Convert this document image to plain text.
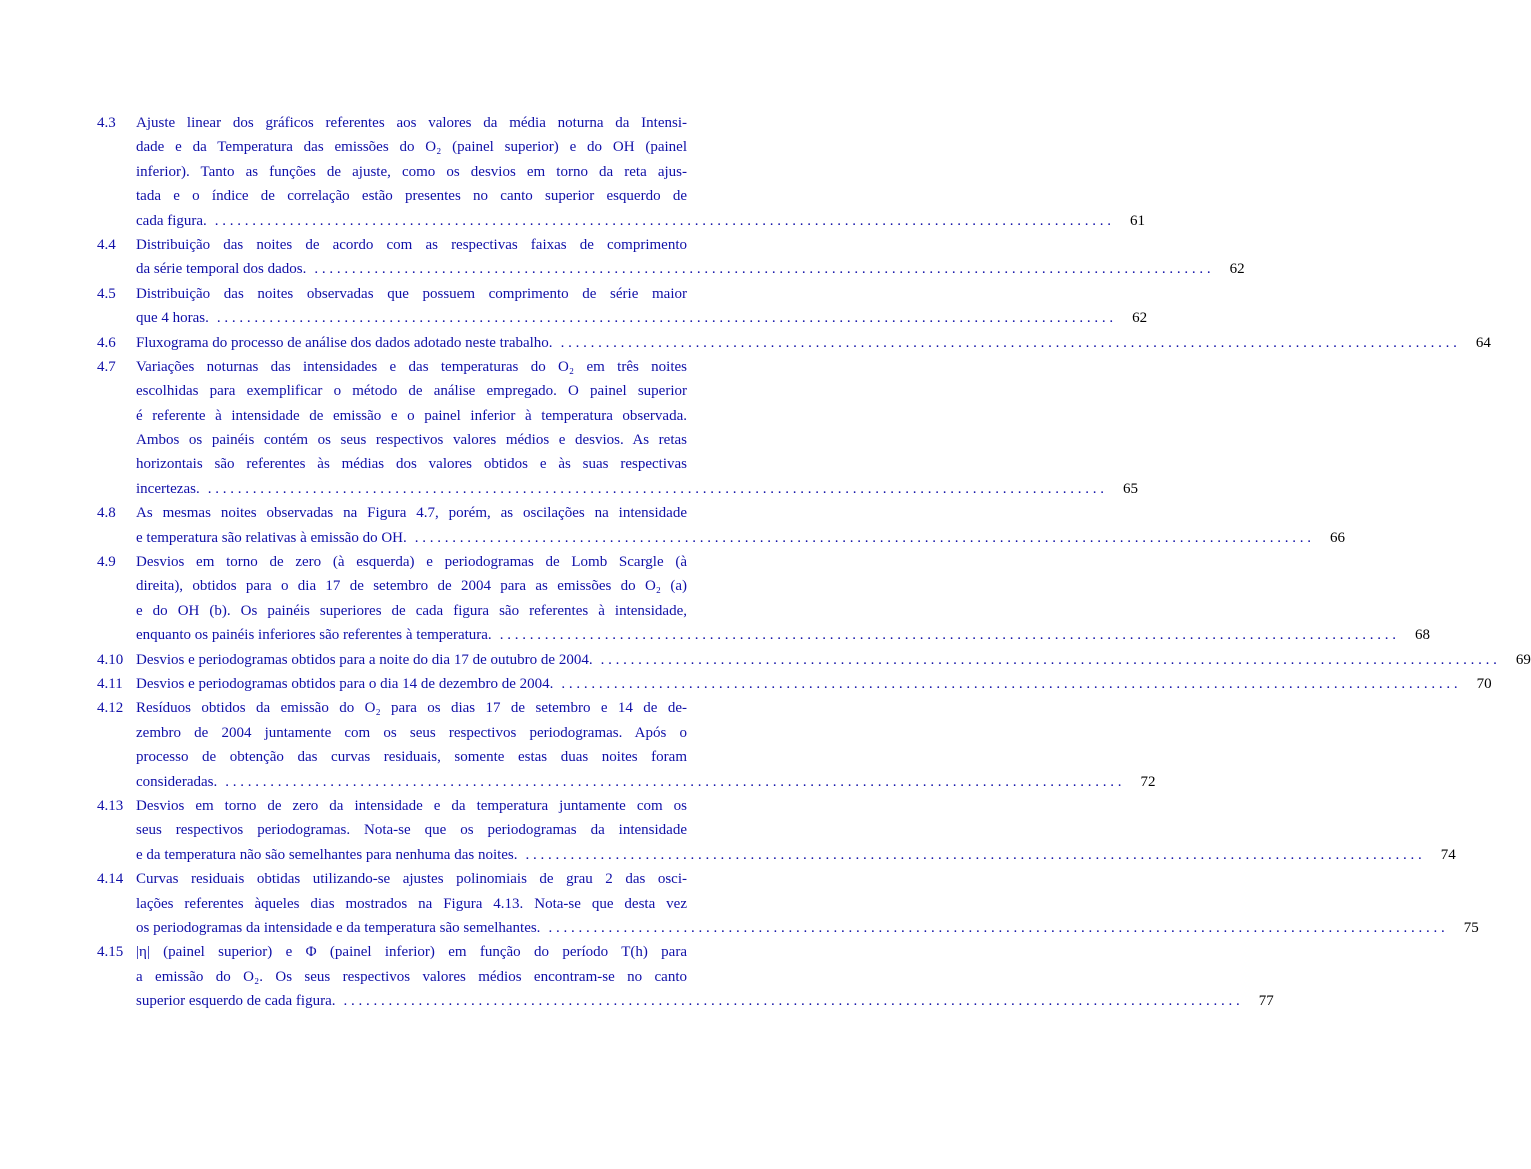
4.3 Ajuste linear dos gráficos referentes aos valores da média noturna da Intensi-
dade e da Temperatura das emissões do O₂ (painel superior) e do OH (painel
inferior). Tanto as funções de ajuste, como os desvios em torno da reta ajus-
tada e o índice de correlação estão presentes no canto superior esquerdo de
cada figura. . . . . . . . . . . . . . . . . . . . . . . . . . . . . . . . . . . . . . . . . . . . . . . . . . . . . . . . . . . . . . . . . . . . . . . . . . . . . . . . . . . . . . . . . . . . . . . . . . . . . . . . . . . . . . . . . . . . . . . . .	61
4.4 Distribuição das noites de acordo com as respectivas faixas de comprimento
da série temporal dos dados. . . . . . . . . . . . . . . . . . . . . . . . . . . . . . . . . . . . . . . . . . . . . . . . . . . . . . . . . . . . . . . . . . . . . . . . . . . . . . . . . . . . . . . . . . . . . . . . . . . . . . . . . . . . . . . . . . . . . . . . .	62
4.5 Distribuição das noites observadas que possuem comprimento de série maior
que 4 horas. . . . . . . . . . . . . . . . . . . . . . . . . . . . . . . . . . . . . . . . . . . . . . . . . . . . . . . . . . . . . . . . . . . . . . . . . . . . . . . . . . . . . . . . . . . . . . . . . . . . . . . . . . . . . . . . . . . . . . . . .	62
4.6 Fluxograma do processo de análise dos dados adotado neste trabalho. . . . . . . . . . . . . . . . . . . . . . . . . . . . . . . . . . . . . . . . . . . . . . . . . . . . . . . . . . . . . . . . . . . . . . . . . . . . . . . . . . . . . . . . . . . . . . . . . . . . . . . . . . . . . . . . . . . . . . . . .	64
4.7 Variações noturnas das intensidades e das temperaturas do O₂ em três noites
escolhidas para exemplificar o método de análise empregado. O painel superior
é referente à intensidade de emissão e o painel inferior à temperatura observada.
Ambos os painéis contém os seus respectivos valores médios e desvios. As retas
horizontais são referentes às médias dos valores obtidos e às suas respectivas
incertezas. . . . . . . . . . . . . . . . . . . . . . . . . . . . . . . . . . . . . . . . . . . . . . . . . . . . . . . . . . . . . . . . . . . . . . . . . . . . . . . . . . . . . . . . . . . . . . . . . . . . . . . . . . . . . . . . . . . . . . . . .	65
4.8 As mesmas noites observadas na Figura 4.7, porém, as oscilações na intensidade
e temperatura são relativas à emissão do OH. . . . . . . . . . . . . . . . . . . . . . . . . . . . . . . . . . . . . . . . . . . . . . . . . . . . . . . . . . . . . . . . . . . . . . . . . . . . . . . . . . . . . . . . . . . . . . . . . . . . . . . . . . . . . . . . . . . . . . . . .	66
4.9 Desvios em torno de zero (à esquerda) e periodogramas de Lomb Scargle (à
direita), obtidos para o dia 17 de setembro de 2004 para as emissões do O₂ (a)
e do OH (b). Os painéis superiores de cada figura são referentes à intensidade,
enquanto os painéis inferiores são referentes à temperatura. . . . . . . . . . . . . . . . . . . . . . . . . . . . . . . . . . . . . . . . . . . . . . . . . . . . . . . . . . . . . . . . . . . . . . . . . . . . . . . . . . . . . . . . . . . . . . . . . . . . . . . . . . . . . . . . . . . . . . . . .	68
4.10 Desvios e periodogramas obtidos para a noite do dia 17 de outubro de 2004. . . . . . . . . . . . . . . . . . . . . . . . . . . . . . . . . . . . . . . . . . . . . . . . . . . . . . . . . . . . . . . . . . . . . . . . . . . . . . . . . . . . . . . . . . . . . . . . . . . . . . . . . . . . . . . . . . . . . . . . .	69
4.11 Desvios e periodogramas obtidos para o dia 14 de dezembro de 2004. . . . . . . . . . . . . . . . . . . . . . . . . . . . . . . . . . . . . . . . . . . . . . . . . . . . . . . . . . . . . . . . . . . . . . . . . . . . . . . . . . . . . . . . . . . . . . . . . . . . . . . . . . . . . . . . . . . . . . . . .	70
4.12 Resíduos obtidos da emissão do O₂ para os dias 17 de setembro e 14 de de-
zembro de 2004 juntamente com os seus respectivos periodogramas. Após o
processo de obtenção das curvas residuais, somente estas duas noites foram
consideradas. . . . . . . . . . . . . . . . . . . . . . . . . . . . . . . . . . . . . . . . . . . . . . . . . . . . . . . . . . . . . . . . . . . . . . . . . . . . . . . . . . . . . . . . . . . . . . . . . . . . . . . . . . . . . . . . . . . . . . . . .	72
4.13 Desvios em torno de zero da intensidade e da temperatura juntamente com os
seus respectivos periodogramas. Nota-se que os periodogramas da intensidade
e da temperatura não são semelhantes para nenhuma das noites. . . . . . . . . . . . . . . . . . . . . . . . . . . . . . . . . . . . . . . . . . . . . . . . . . . . . . . . . . . . . . . . . . . . . . . . . . . . . . . . . . . . . . . . . . . . . . . . . . . . . . . . . . . . . . . . . . . . . . . . .	74
4.14 Curvas residuais obtidas utilizando-se ajustes polinomiais de grau 2 das osci-
lações referentes àqueles dias mostrados na Figura 4.13. Nota-se que desta vez
os periodogramas da intensidade e da temperatura são semelhantes. . . . . . . . . . . . . . . . . . . . . . . . . . . . . . . . . . . . . . . . . . . . . . . . . . . . . . . . . . . . . . . . . . . . . . . . . . . . . . . . . . . . . . . . . . . . . . . . . . . . . . . . . . . . . . . . . . . . . . . . .	75
4.15 |η| (painel superior) e Φ (painel inferior) em função do período T(h) para
a emissão do O₂. Os seus respectivos valores médios encontram-se no canto
superior esquerdo de cada figura. . . . . . . . . . . . . . . . . . . . . . . . . . . . . . . . . . . . . . . . . . . . . . . . . . . . . . . . . . . . . . . . . . . . . . . . . . . . . . . . . . . . . . . . . . . . . . . . . . . . . . . . . . . . . . . . . . . . . . . . .	77
